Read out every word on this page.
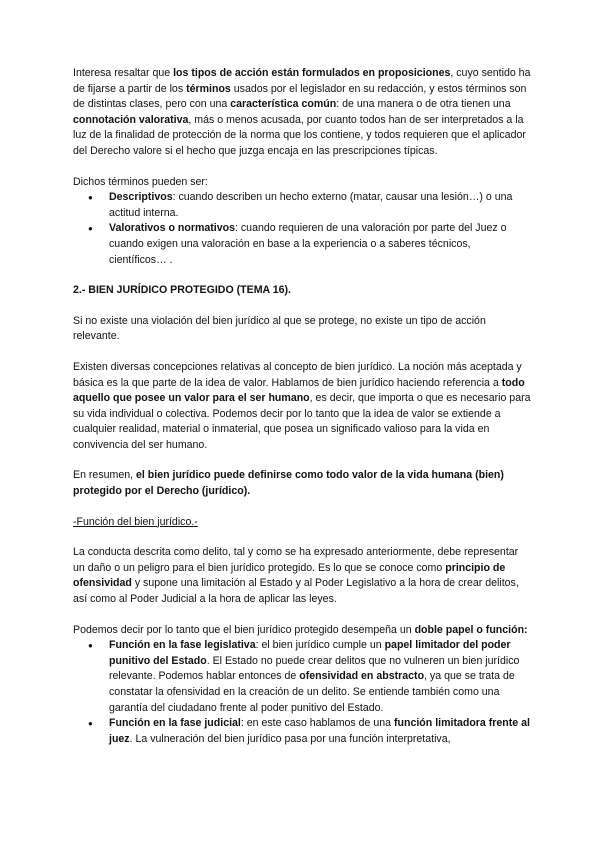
Interesa resaltar que los tipos de acción están formulados en proposiciones, cuyo sentido ha de fijarse a partir de los términos usados por el legislador en su redacción, y estos términos son de distintas clases, pero con una característica común: de una manera o de otra tienen una connotación valorativa, más o menos acusada, por cuanto todos han de ser interpretados a la luz de la finalidad de protección de la norma que los contiene, y todos requieren que el aplicador del Derecho valore si el hecho que juzga encaja en las prescripciones típicas.

Dichos términos pueden ser:

● Descriptivos: cuando describen un hecho externo (matar, causar una lesión…) o una actitud interna.
● Valorativos o normativos: cuando requieren de una valoración por parte del Juez o cuando exigen una valoración en base a la experiencia o a saberes técnicos, científicos… .

2.- BIEN JURÍDICO PROTEGIDO (TEMA 16).

Si no existe una violación del bien jurídico al que se protege, no existe un tipo de acción relevante.

Existen diversas concepciones relativas al concepto de bien jurídico. La noción más aceptada y básica es la que parte de la idea de valor. Hablamos de bien jurídico haciendo referencia a todo aquello que posee un valor para el ser humano, es decir, que importa o que es necesario para su vida individual o colectiva. Podemos decir por lo tanto que la idea de valor se extiende a cualquier realidad, material o inmaterial, que posea un significado valioso para la vida en convivencia del ser humano.

En resumen, el bien jurídico puede definirse como todo valor de la vida humana (bien) protegido por el Derecho (jurídico).

-Función del bien jurídico.-

La conducta descrita como delito, tal y como se ha expresado anteriormente, debe representar un daño o un peligro para el bien jurídico protegido. Es lo que se conoce como principio de ofensividad y supone una limitación al Estado y al Poder Legislativo a la hora de crear delitos, así como al Poder Judicial a la hora de aplicar las leyes.

Podemos decir por lo tanto que el bien jurídico protegido desempeña un doble papel o función:

● Función en la fase legislativa: el bien jurídico cumple un papel limitador del poder punitivo del Estado. El Estado no puede crear delitos que no vulneren un bien jurídico relevante. Podemos hablar entonces de ofensividad en abstracto, ya que se trata de constatar la ofensividad en la creación de un delito. Se entiende también como una garantía del ciudadano frente al poder punitivo del Estado.
● Función en la fase judicial: en este caso hablamos de una función limitadora frente al juez. La vulneración del bien jurídico pasa por una función interpretativa,
